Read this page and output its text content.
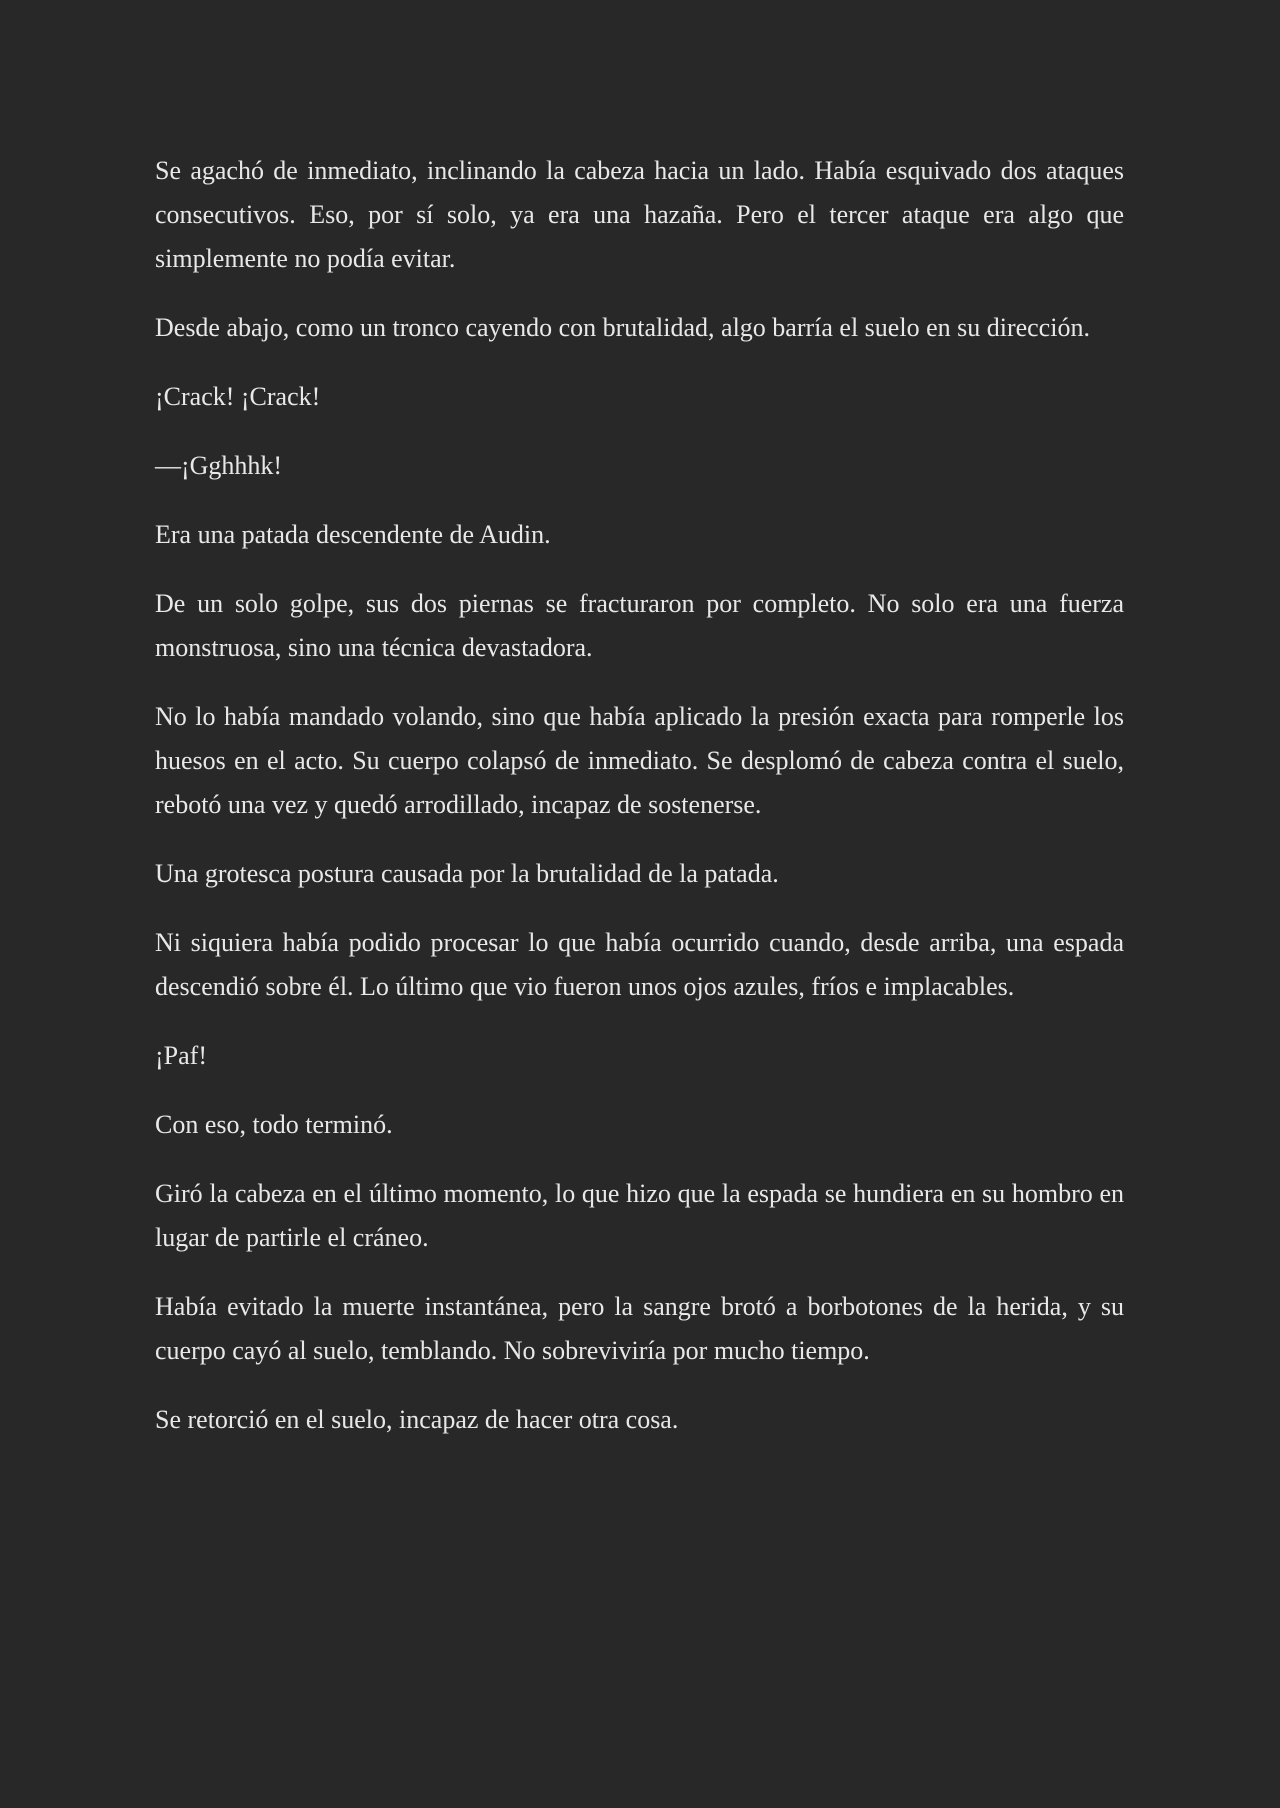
Se agachó de inmediato, inclinando la cabeza hacia un lado. Había esquivado dos ataques consecutivos. Eso, por sí solo, ya era una hazaña. Pero el tercer ataque era algo que simplemente no podía evitar.

Desde abajo, como un tronco cayendo con brutalidad, algo barría el suelo en su dirección.

¡Crack! ¡Crack!

—¡Gghhhk!

Era una patada descendente de Audin.

De un solo golpe, sus dos piernas se fracturaron por completo. No solo era una fuerza monstruosa, sino una técnica devastadora.

No lo había mandado volando, sino que había aplicado la presión exacta para romperle los huesos en el acto. Su cuerpo colapsó de inmediato. Se desplomó de cabeza contra el suelo, rebotó una vez y quedó arrodillado, incapaz de sostenerse.

Una grotesca postura causada por la brutalidad de la patada.

Ni siquiera había podido procesar lo que había ocurrido cuando, desde arriba, una espada descendió sobre él. Lo último que vio fueron unos ojos azules, fríos e implacables.

¡Paf!

Con eso, todo terminó.

Giró la cabeza en el último momento, lo que hizo que la espada se hundiera en su hombro en lugar de partirle el cráneo.

Había evitado la muerte instantánea, pero la sangre brotó a borbotones de la herida, y su cuerpo cayó al suelo, temblando. No sobreviviría por mucho tiempo.

Se retorció en el suelo, incapaz de hacer otra cosa.
